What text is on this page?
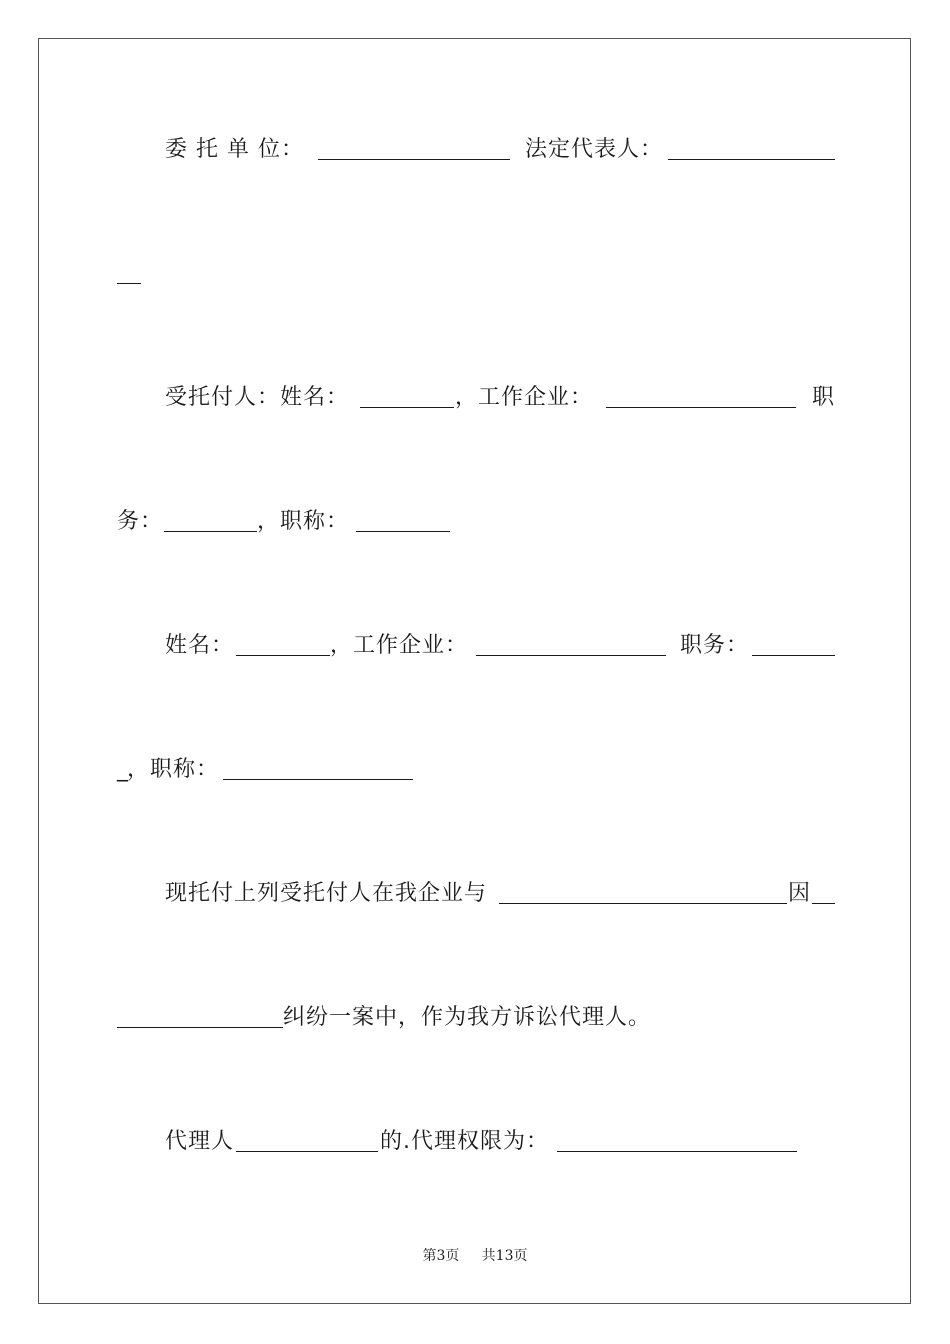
委 托 单 位：

	法定代表人：

受托付人：姓名：

	，工作企业：

	职

务：

	，职称：

姓名：

	，工作企业：

	职务：

_

，职称：

现托付上列受托付人在我企业与

	因

纠纷一案中，作为我方诉讼代理人。

代理人

	的.代理权限为：

第3页 共13页
